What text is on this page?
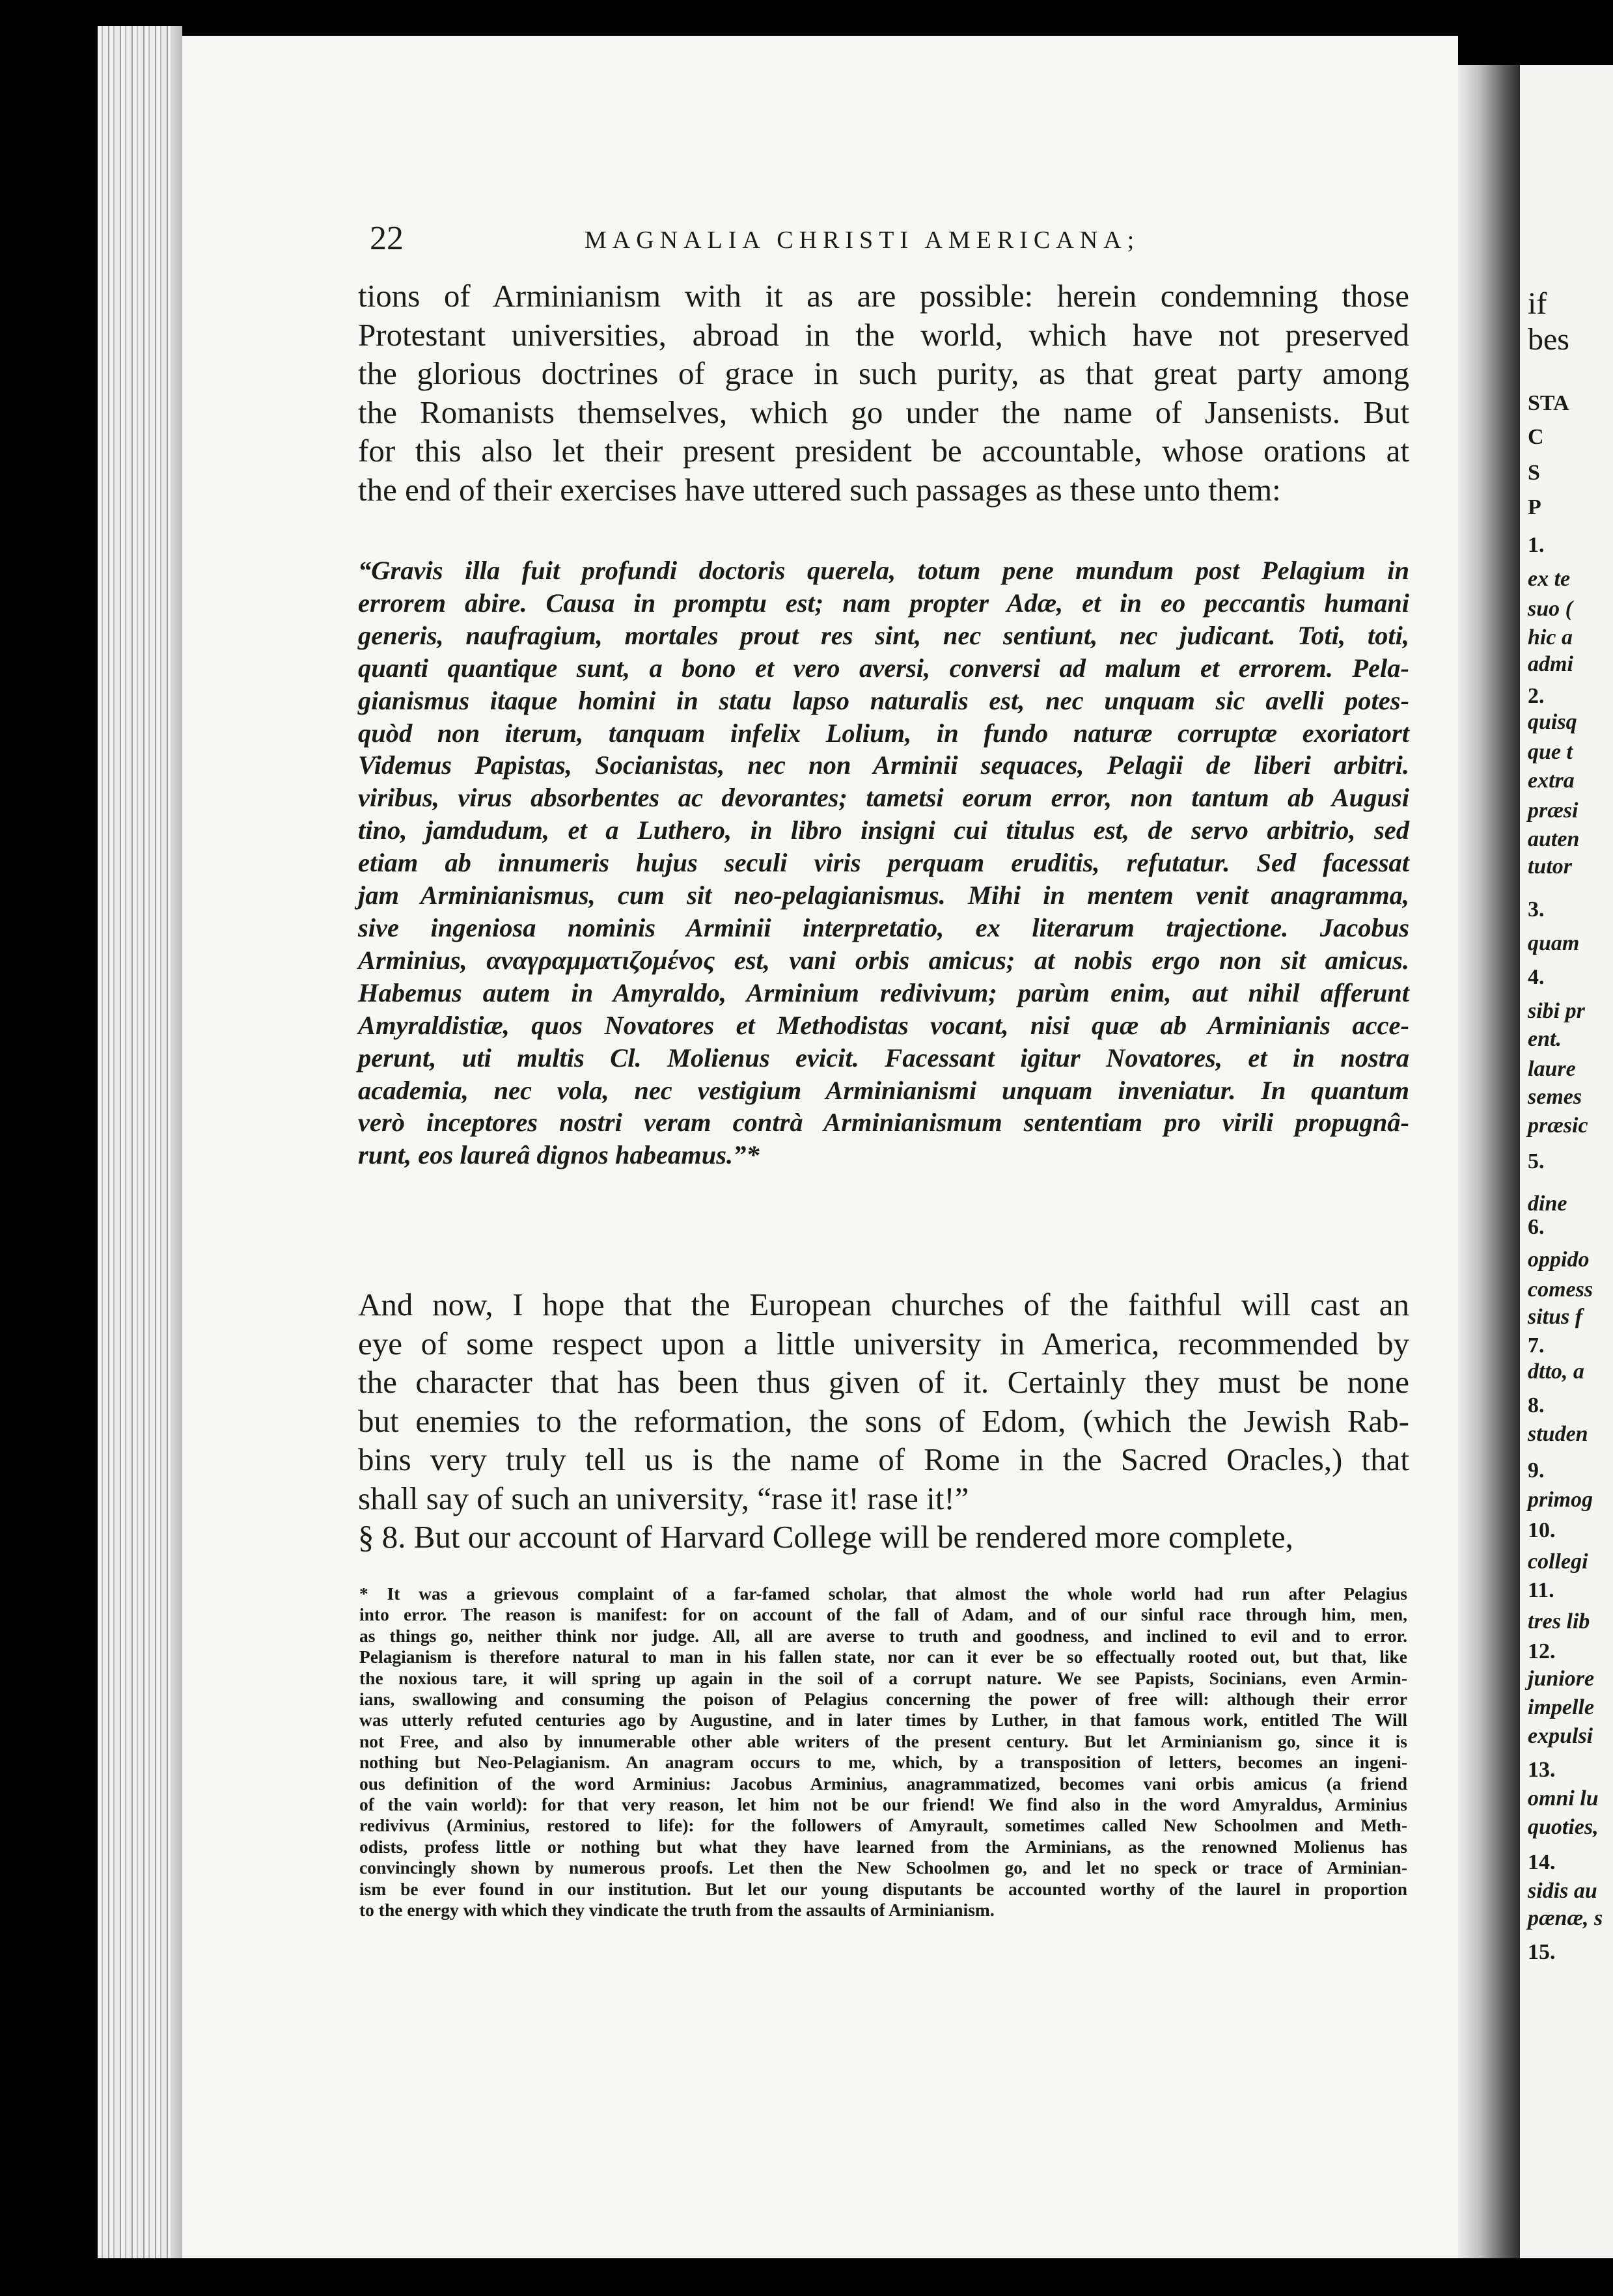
if
bes
STA
C
S
P
1.
ex te
suo (
hic a
admi
2.
quisq
que t
extra
præsi
auten
tutor
3.
quam
4.
sibi pr
ent.
laure
semes
præsic
5.
dine
6.
oppido
comess
situs f
7.
dtto, a
8.
studen
9.
primog
10.
collegi
11.
tres lib
12.
juniore
impelle
expulsi
13.
omni lu
quoties,
14.
sidis au
pænæ, s
15.
22	MAGNALIA CHRISTI AMERICANA;
tions of Arminianism with it as are possible: herein condemning those
Protestant universities, abroad in the world, which have not preserved
the glorious doctrines of grace in such purity, as that great party among
the Romanists themselves, which go under the name of Jansenists. But
for this also let their present president be accountable, whose orations at
the end of their exercises have uttered such passages as these unto them:
“Gravis illa fuit profundi doctoris querela, totum pene mundum post Pelagium in
errorem abire. Causa in promptu est; nam propter Adæ, et in eo peccantis humani
generis, naufragium, mortales prout res sint, nec sentiunt, nec judicant. Toti, toti,
quanti quantique sunt, a bono et vero aversi, conversi ad malum et errorem. Pela-
gianismus itaque homini in statu lapso naturalis est, nec unquam sic avelli potes-
quòd non iterum, tanquam infelix Lolium, in fundo naturæ corruptæ exoriatort
Videmus Papistas, Socianistas, nec non Arminii sequaces, Pelagii de liberi arbitri.
viribus, virus absorbentes ac devorantes; tametsi eorum error, non tantum ab Augusi
tino, jamdudum, et a Luthero, in libro insigni cui titulus est, de servo arbitrio, sed
etiam ab innumeris hujus seculi viris perquam eruditis, refutatur. Sed facessat
jam Arminianismus, cum sit neo-pelagianismus. Mihi in mentem venit anagramma,
sive ingeniosa nominis Arminii interpretatio, ex literarum trajectione. Jacobus
Arminius, αναγραμματιζομένος est, vani orbis amicus; at nobis ergo non sit amicus.
Habemus autem in Amyraldo, Arminium redivivum; parùm enim, aut nihil afferunt
Amyraldistiæ, quos Novatores et Methodistas vocant, nisi quæ ab Arminianis acce-
perunt, uti multis Cl. Molienus evicit. Facessant igitur Novatores, et in nostra
academia, nec vola, nec vestigium Arminianismi unquam inveniatur. In quantum
verò inceptores nostri veram contrà Arminianismum sententiam pro virili propugnâ-
runt, eos laureâ dignos habeamus.”*
And now, I hope that the European churches of the faithful will cast an
eye of some respect upon a little university in America, recommended by
the character that has been thus given of it. Certainly they must be none
but enemies to the reformation, the sons of Edom, (which the Jewish Rab-
bins very truly tell us is the name of Rome in the Sacred Oracles,) that
shall say of such an university, “rase it! rase it!”
§ 8. But our account of Harvard College will be rendered more complete,
* It was a grievous complaint of a far-famed scholar, that almost the whole world had run after Pelagius
into error. The reason is manifest: for on account of the fall of Adam, and of our sinful race through him, men,
as things go, neither think nor judge. All, all are averse to truth and goodness, and inclined to evil and to error.
Pelagianism is therefore natural to man in his fallen state, nor can it ever be so effectually rooted out, but that, like
the noxious tare, it will spring up again in the soil of a corrupt nature. We see Papists, Socinians, even Armin-
ians, swallowing and consuming the poison of Pelagius concerning the power of free will: although their error
was utterly refuted centuries ago by Augustine, and in later times by Luther, in that famous work, entitled The Will
not Free, and also by innumerable other able writers of the present century. But let Arminianism go, since it is
nothing but Neo-Pelagianism. An anagram occurs to me, which, by a transposition of letters, becomes an ingeni-
ous definition of the word Arminius: Jacobus Arminius, anagrammatized, becomes vani orbis amicus (a friend
of the vain world): for that very reason, let him not be our friend! We find also in the word Amyraldus, Arminius
redivivus (Arminius, restored to life): for the followers of Amyrault, sometimes called New Schoolmen and Meth-
odists, profess little or nothing but what they have learned from the Arminians, as the renowned Molienus has
convincingly shown by numerous proofs. Let then the New Schoolmen go, and let no speck or trace of Arminian-
ism be ever found in our institution. But let our young disputants be accounted worthy of the laurel in proportion
to the energy with which they vindicate the truth from the assaults of Arminianism.
